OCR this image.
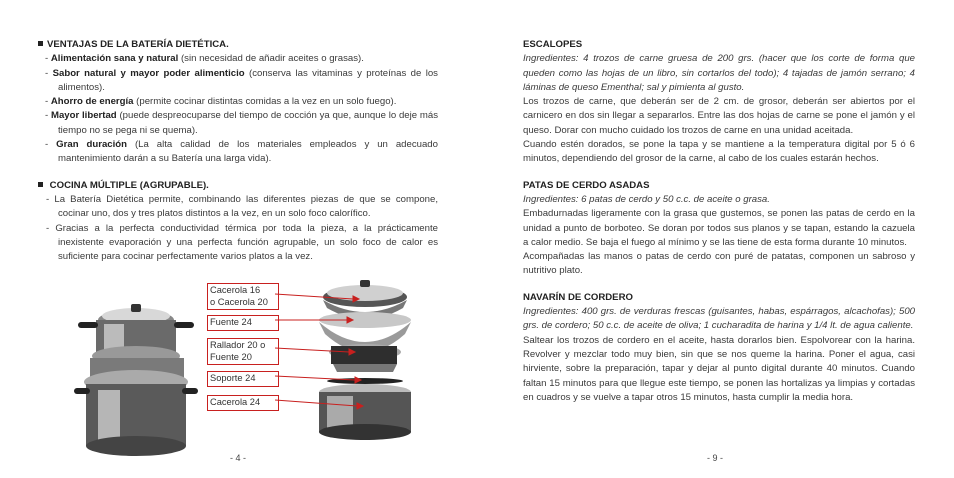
VENTAJAS DE LA BATERÍA DIETÉTICA.
- Alimentación sana y natural (sin necesidad de añadir aceites o grasas).
- Sabor natural y mayor poder alimenticio (conserva las vitaminas y proteínas de los alimentos).
- Ahorro de energía (permite cocinar distintas comidas a la vez en un solo fuego).
- Mayor libertad (puede despreocuparse del tiempo de cocción ya que, aunque lo deje más tiempo no se pega ni se quema).
- Gran duración (La alta calidad de los materiales empleados y un adecuado mantenimiento darán a su Batería una larga vida).
COCINA MÚLTIPLE (AGRUPABLE).
- La Batería Dietética permite, combinando las diferentes piezas de que se compone, cocinar uno, dos y tres platos distintos a la vez, en un solo foco calorífico.
- Gracias a la perfecta conductividad térmica por toda la pieza, a la prácticamente inexistente evaporación y una perfecta función agrupable, un solo foco de calor es suficiente para cocinar perfectamente varios platos a la vez.
Cacerola 16
o Cacerola 20
Fuente 24
Rallador 20 o
Fuente 20
Soporte 24
Cacerola 24
- 4 -
ESCALOPES
Ingredientes: 4 trozos de carne gruesa de 200 grs. (hacer que los corte de forma que queden como las hojas de un libro, sin cortarlos del todo); 4 tajadas de jamón serrano; 4 láminas de queso Ementhal; sal y pimienta al gusto.
Los trozos de carne, que deberán ser de 2 cm. de grosor, deberán ser abiertos por el carnicero en dos sin llegar a separarlos. Entre las dos hojas de carne se pone el jamón y el queso. Dorar con mucho cuidado los trozos de carne en una unidad aceitada.
Cuando estén dorados, se pone la tapa y se mantiene a la temperatura digital por 5 ó 6 minutos, dependiendo del grosor de la carne, al cabo de los cuales estarán hechos.
PATAS DE CERDO ASADAS
Ingredientes: 6 patas de cerdo y 50 c.c. de aceite o grasa.
Embadurnadas ligeramente con la grasa que gustemos, se ponen las patas de cerdo en la unidad a punto de borboteo. Se doran por todos sus planos y se tapan, estando la cazuela a calor medio. Se baja el fuego al mínimo y se las tiene de esta forma durante 10 minutos.
Acompañadas las manos o patas de cerdo con puré de patatas, componen un sabroso y nutritivo plato.
NAVARÍN DE CORDERO
Ingredientes: 400 grs. de verduras frescas (guisantes, habas, espárragos, alcachofas); 500 grs. de cordero; 50 c.c. de aceite de oliva; 1 cucharadita de harina y 1/4 lt. de agua caliente.
Saltear los trozos de cordero en el aceite, hasta dorarlos bien. Espolvorear con la harina. Revolver y mezclar todo muy bien, sin que se nos queme la harina. Poner el agua, casi hirviente, sobre la preparación, tapar y dejar al punto digital durante 40 minutos. Cuando faltan 15 minutos para que llegue este tiempo, se ponen las hortalizas ya limpias y cortadas en cuadros y se vuelve a tapar otros 15 minutos, hasta cumplir la media hora.
- 9 -
